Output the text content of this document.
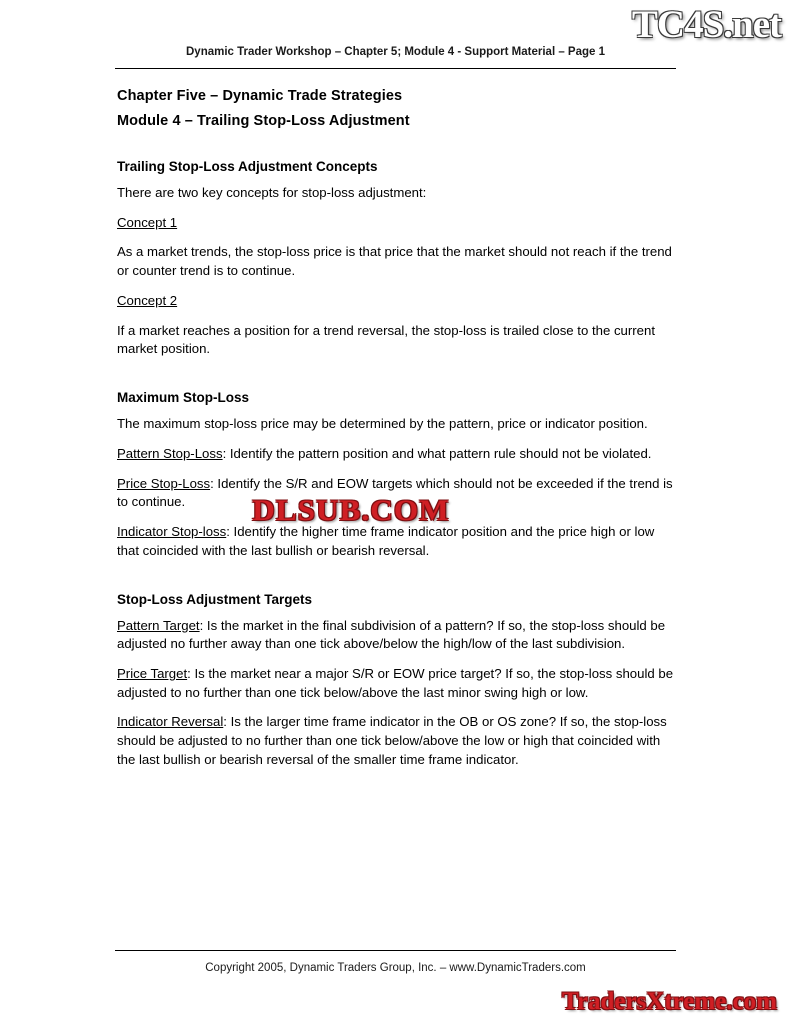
TC4S.net
Dynamic Trader Workshop – Chapter 5; Module 4 - Support Material – Page 1
Chapter Five – Dynamic Trade Strategies
Module 4 – Trailing Stop-Loss Adjustment
Trailing Stop-Loss Adjustment Concepts

There are two key concepts for stop-loss adjustment:

Concept 1

As a market trends, the stop-loss price is that price that the market should not reach if the trend or counter trend is to continue.

Concept 2

If a market reaches a position for a trend reversal, the stop-loss is trailed close to the current market position.

Maximum Stop-Loss

The maximum stop-loss price may be determined by the pattern, price or indicator position.

Pattern Stop-Loss: Identify the pattern position and what pattern rule should not be violated.

Price Stop-Loss: Identify the S/R and EOW targets which should not be exceeded if the trend is to continue.

Indicator Stop-loss: Identify the higher time frame indicator position and the price high or low that coincided with the last bullish or bearish reversal.

Stop-Loss Adjustment Targets

Pattern Target: Is the market in the final subdivision of a pattern? If so, the stop-loss should be adjusted no further away than one tick above/below the high/low of the last subdivision.

Price Target: Is the market near a major S/R or EOW price target? If so, the stop-loss should be adjusted to no further than one tick below/above the last minor swing high or low.

Indicator Reversal: Is the larger time frame indicator in the OB or OS zone? If so, the stop-loss should be adjusted to no further than one tick below/above the low or high that coincided with the last bullish or bearish reversal of the smaller time frame indicator.

DLSUB.COM
Copyright 2005, Dynamic Traders Group, Inc. – www.DynamicTraders.com
TradersXtreme.com
